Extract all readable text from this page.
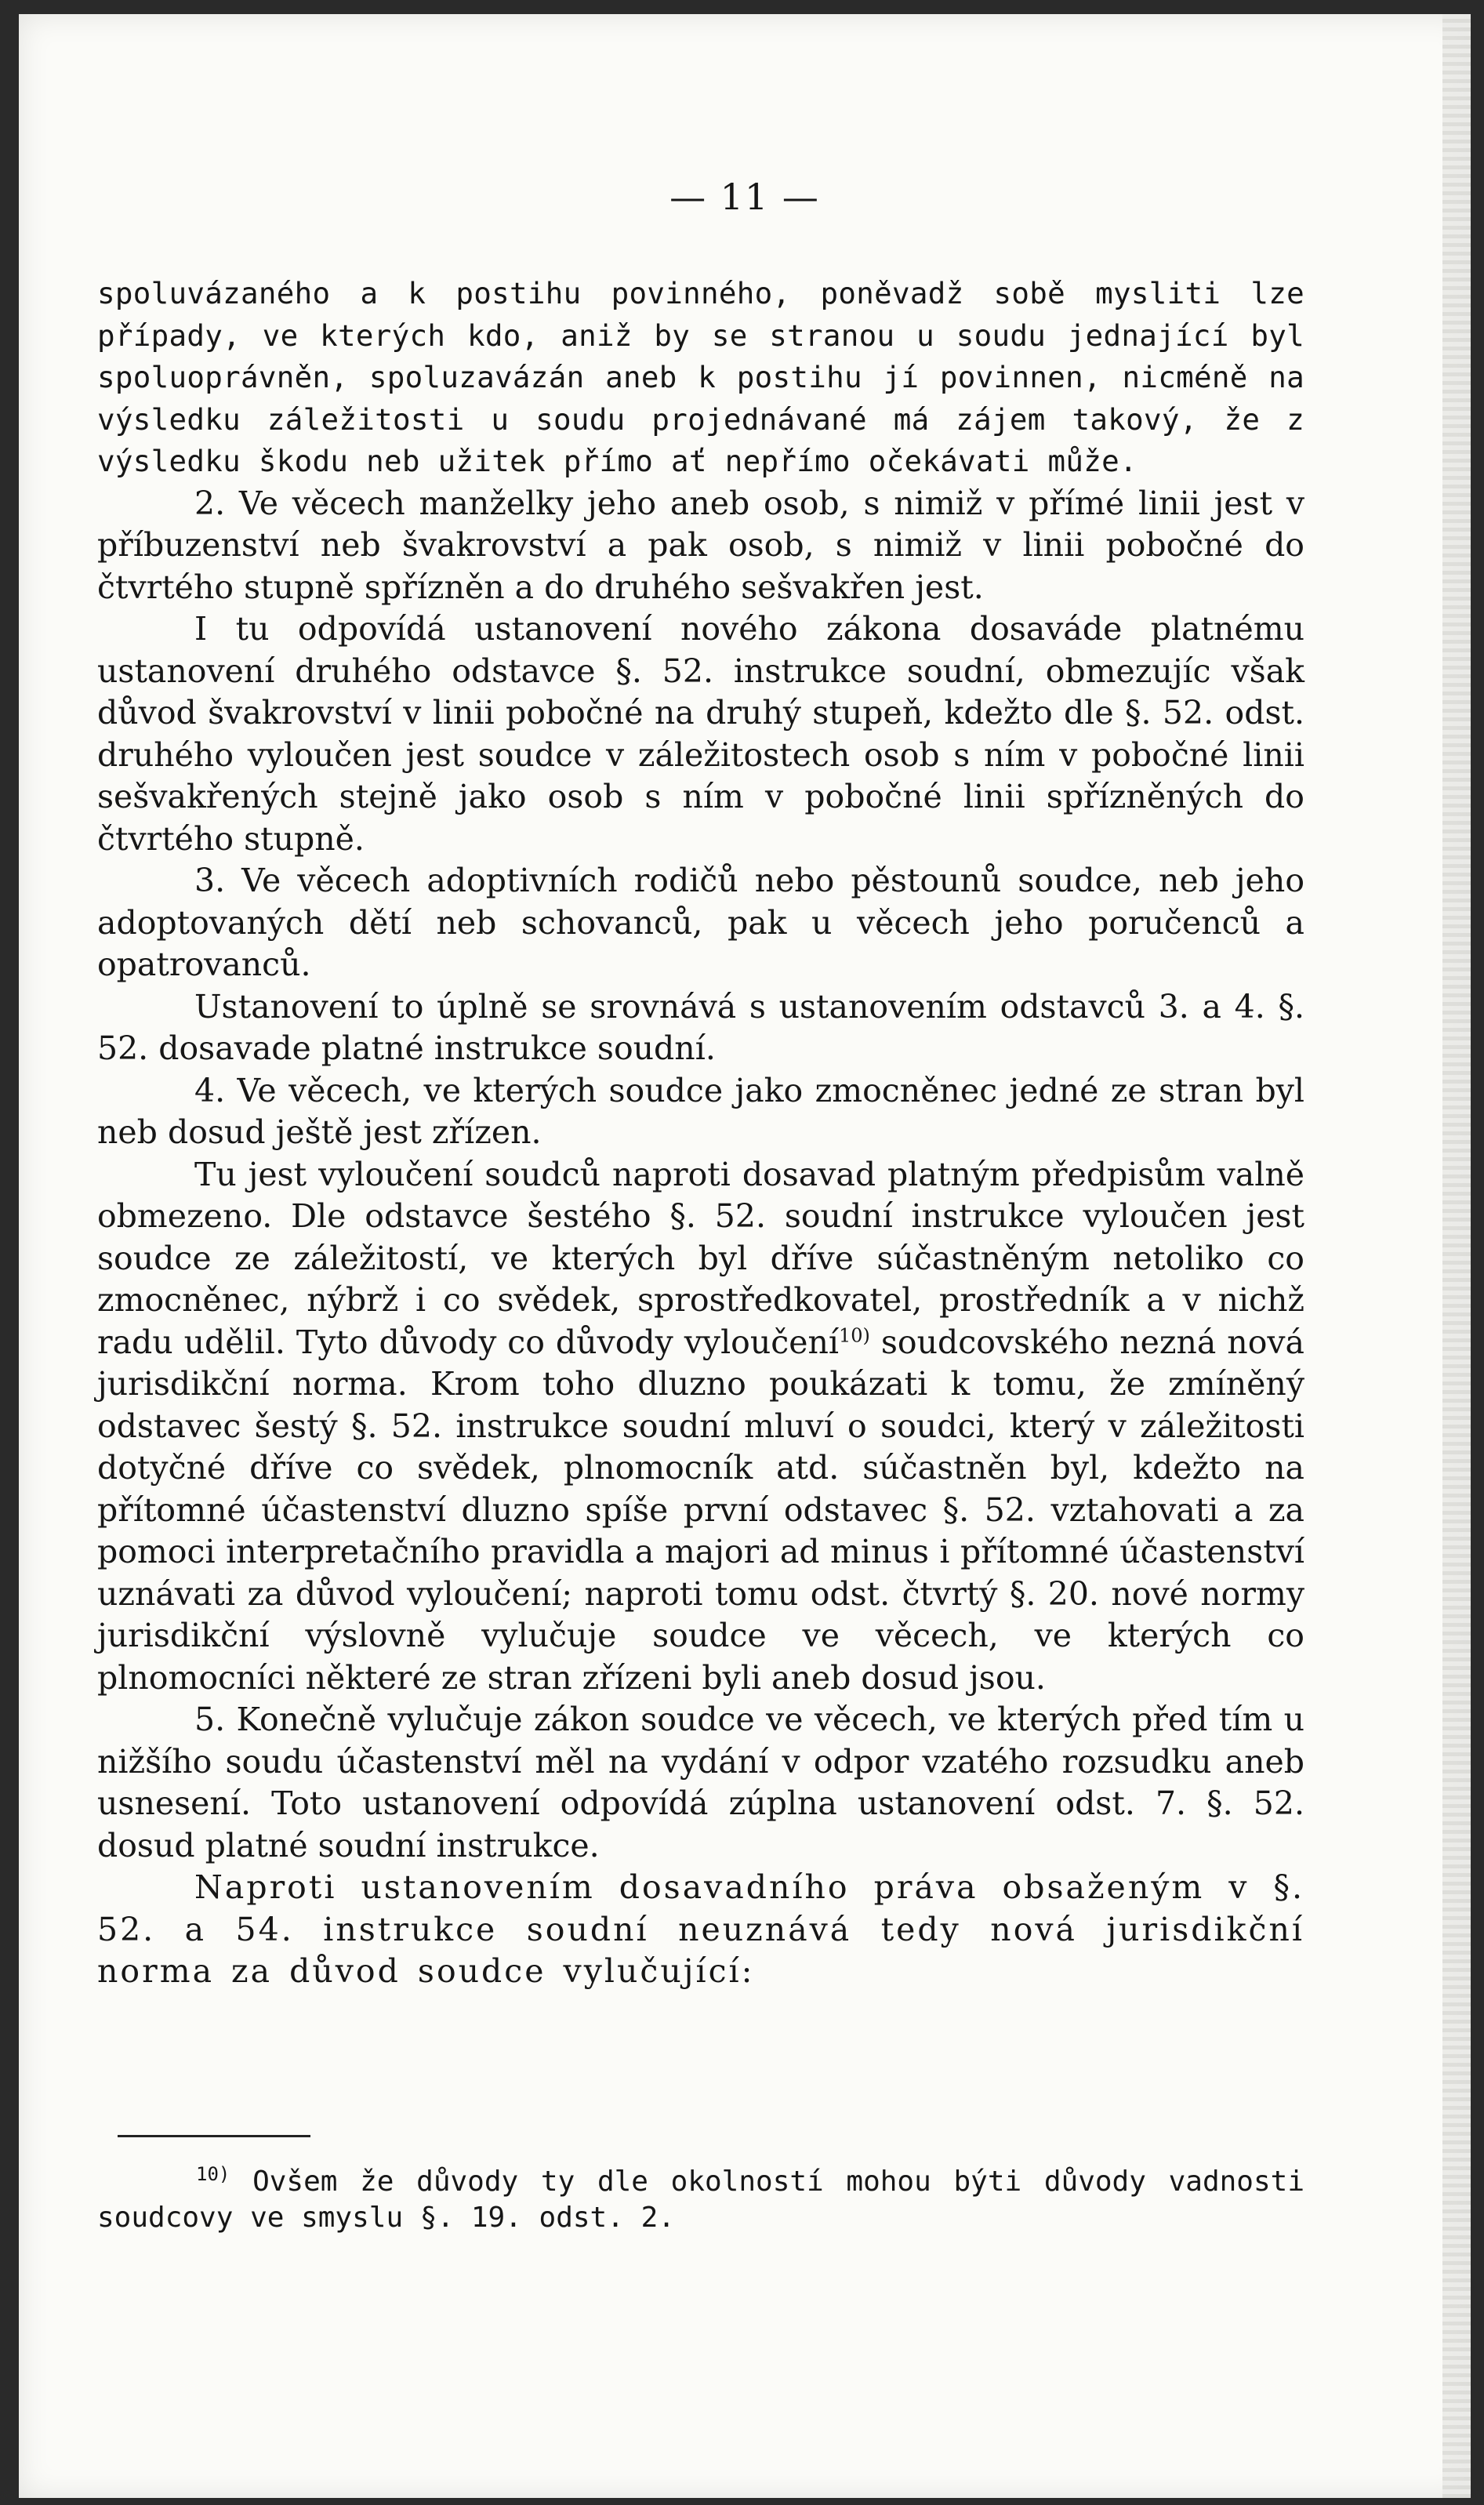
— 11 —

spoluvázaného a k postihu povinného, poněvadž sobě mysliti lze případy, ve kterých kdo, aniž by se stranou u soudu jednající byl spoluoprávněn, spoluzavázán aneb k postihu jí povinnen, nicméně na výsledku záležitosti u soudu projednávané má zájem takový, že z výsledku škodu neb užitek přímo ať nepřímo očekávati může.

2. Ve věcech manželky jeho aneb osob, s nimiž v přímé linii jest v příbuzenství neb švakrovství a pak osob, s nimiž v linii pobočné do čtvrtého stupně spřízněn a do druhého sešvakřen jest.

I tu odpovídá ustanovení nového zákona dosavádе platnému ustanovení druhého odstavce §. 52. instrukce soudní, obmezujíc však důvod švakrovství v linii pobočné na druhý stupeň, kdežto dle §. 52. odst. druhého vyloučen jest soudce v záležitostech osob s ním v pobočné linii sešvakřených stejně jako osob s ním v pobočné linii spřízněných do čtvrtého stupně.

3. Ve věcech adoptivních rodičů nebo pěstounů soudce, neb jeho adoptovaných dětí neb schovanců, pak u věcech jeho poručenců a opatrovanců.

Ustanovení to úplně se srovnává s ustanovením odstavců 3. a 4. §. 52. dosavade platné instrukce soudní.

4. Ve věcech, ve kterých soudce jako zmocněnec jedné ze stran byl neb dosud ještě jest zřízen.

Tu jest vyloučení soudců naproti dosavad platným předpisům valně obmezeno. Dle odstavce šestého §. 52. soudní instrukce vyloučen jest soudce ze záležitostí, ve kterých byl dříve súčastněným netoliko co zmocněnec, nýbrž i co svědek, sprostředkovatel, prostředník a v nichž radu udělil. Tyto důvody co důvody vyloučení$^{10)}$ soudcovského nezná nová jurisdikční norma. Krom toho dluzno poukázati k tomu, že zmíněný odstavec šestý §. 52. instrukce soudní mluví o soudci, který v záležitosti dotyčné dříve co svědek, plnomocník atd. súčastněn byl, kdežto na přítomné účastenství dluzno spíše první odstavec §. 52. vztahovati a za pomoci interpretačního pravidla a majori ad minus i přítomné účastenství uznávati za důvod vyloučení; naproti tomu odst. čtvrtý §. 20. nové normy jurisdikční výslovně vylučuje soudce ve věcech, ve kterých co plnomocníci některé ze stran zřízeni byli aneb dosud jsou.

5. Konečně vylučuje zákon soudce ve věcech, ve kterých před tím u nižšího soudu účastenství měl na vydání v odpor vzatého rozsudku aneb usnesení. Toto ustanovení odpovídá zúplna ustanovení odst. 7. §. 52. dosud platné soudní instrukce.

Naproti ustanovením dosavadního práva obsaženým v §. 52. a 54. instrukce soudní neuznává tedy nová jurisdikční norma za důvod soudce vylučující:

$^{10)}$ Ovšem že důvody ty dle okolností mohou býti důvody vadnosti soudcovy ve smyslu §. 19. odst. 2.
